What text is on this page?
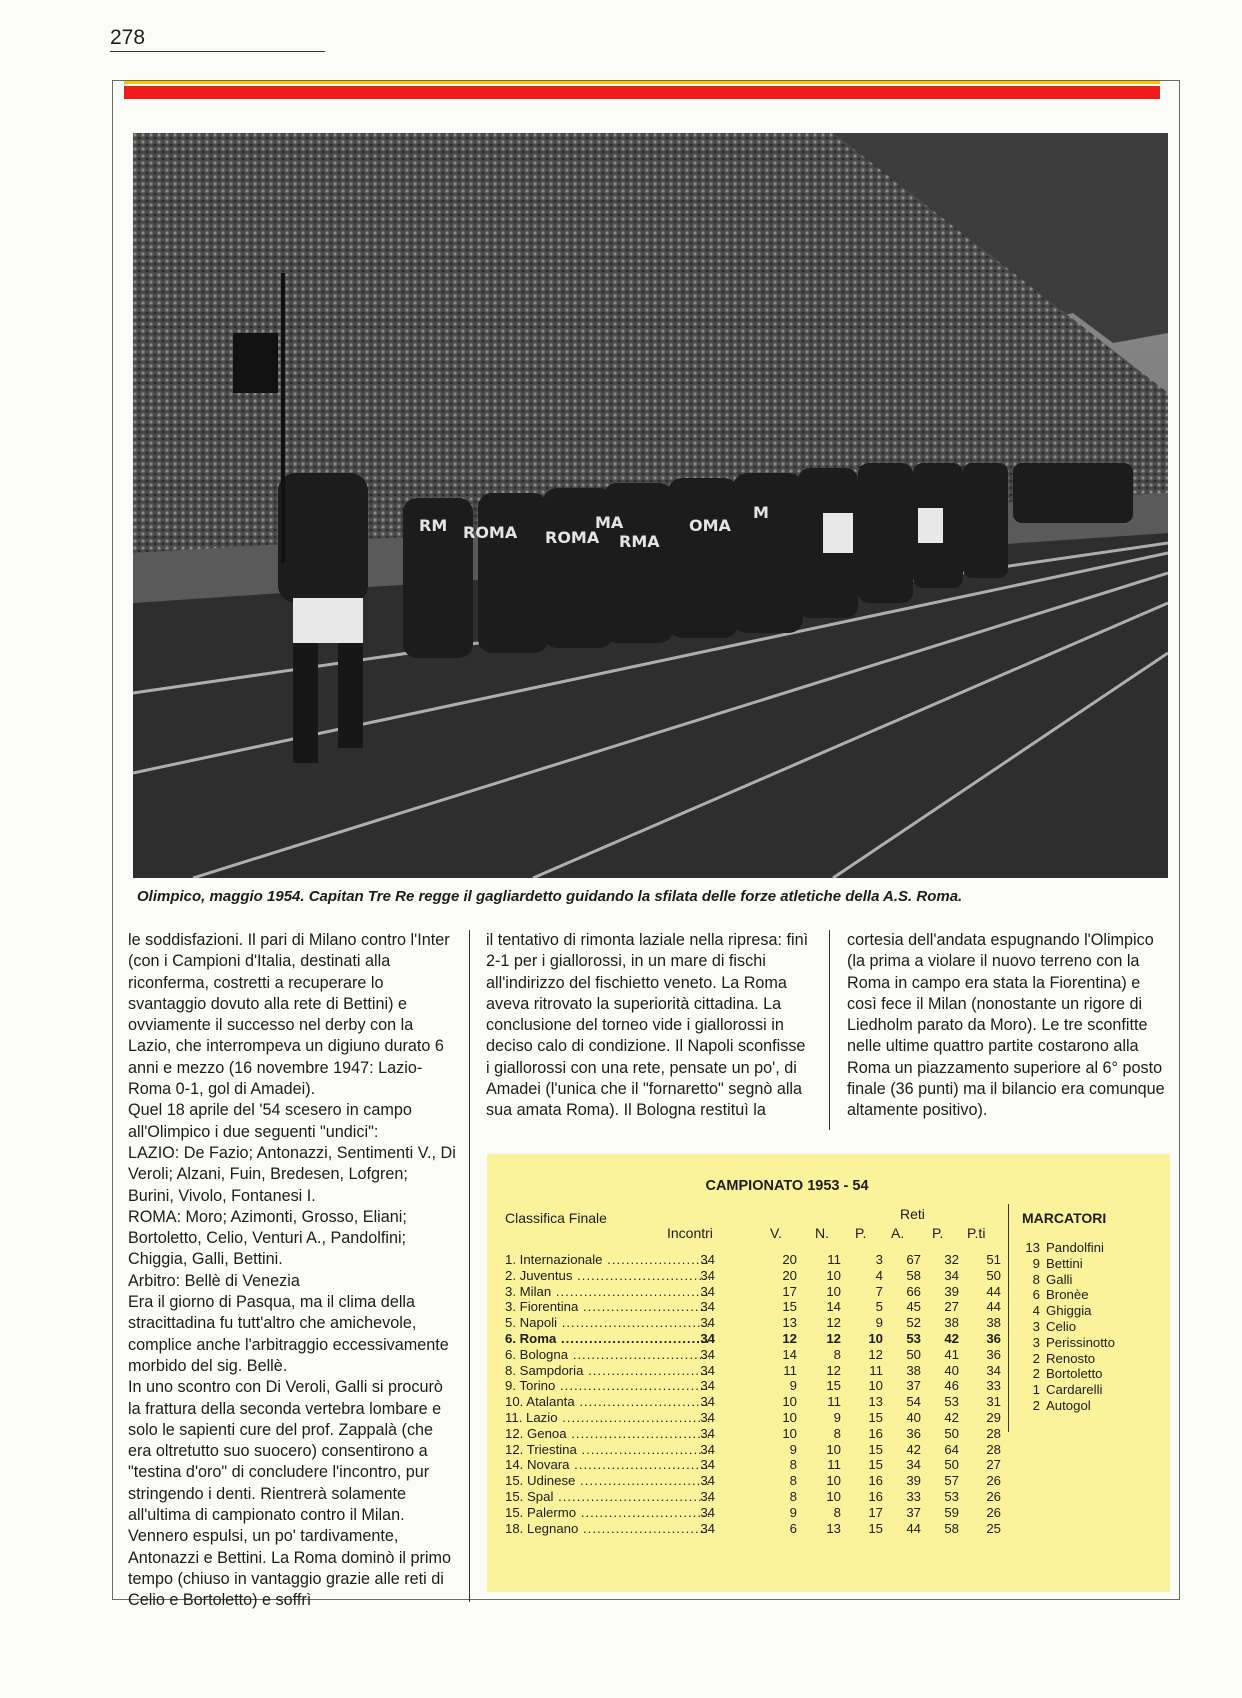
278
RM ROMA ROMA
MA
RMA
OMA
M
Olimpico, maggio 1954. Capitan Tre Re regge il gagliardetto guidando la sfilata delle forze atletiche della A.S. Roma.

le soddisfazioni. Il pari di Milano contro l'Inter (con i Campioni d'Italia, destinati alla riconferma, costretti a recuperare lo svantaggio dovuto alla rete di Bettini) e ovviamente il successo nel derby con la Lazio, che interrompeva un digiuno durato 6 anni e mezzo (16 novembre 1947: Lazio-Roma 0-1, gol di Amadei).

Quel 18 aprile del '54 scesero in campo all'Olimpico i due seguenti "undici":

LAZIO: De Fazio; Antonazzi, Sentimenti V., Di Veroli; Alzani, Fuin, Bredesen, Lofgren; Burini, Vivolo, Fontanesi I.

ROMA: Moro; Azimonti, Grosso, Eliani; Bortoletto, Celio, Venturi A., Pandolfini; Chiggia, Galli, Bettini.

Arbitro: Bellè di Venezia

Era il giorno di Pasqua, ma il clima della stracittadina fu tutt'altro che amichevole, complice anche l'arbitraggio eccessivamente morbido del sig. Bellè.

In uno scontro con Di Veroli, Galli si procurò la frattura della seconda vertebra lombare e solo le sapienti cure del prof. Zappalà (che era oltretutto suo suocero) consentirono a "testina d'oro" di concludere l'incontro, pur stringendo i denti. Rientrerà solamente all'ultima di campionato contro il Milan.

Vennero espulsi, un po' tardivamente, Antonazzi e Bettini. La Roma dominò il primo tempo (chiuso in vantaggio grazie alle reti di Celio e Bortoletto) e soffrì

il tentativo di rimonta laziale nella ripresa: finì 2-1 per i giallorossi, in un mare di fischi all'indirizzo del fischietto veneto. La Roma aveva ritrovato la superiorità cittadina. La conclusione del torneo vide i giallorossi in deciso calo di condizione. Il Napoli sconfisse i giallorossi con una rete, pensate un po', di Amadei (l'unica che il "fornaretto" segnò alla sua amata Roma). Il Bologna restituì la

cortesia dell'andata espugnando l'Olimpico (la prima a violare il nuovo terreno con la Roma in campo era stata la Fiorentina) e così fece il Milan (nonostante un rigore di Liedholm parato da Moro). Le tre sconfitte nelle ultime quattro partite costarono alla Roma un piazzamento superiore al 6° posto finale (36 punti) ma il bilancio era comunque altamente positivo).

CAMPIONATO 1953 - 54
Classifica Finale	Reti
Incontri	V. N. P. A. P. P.ti
1. Internazionale .....	34	20	11	3	67	32	51
2. Juventus .....	34	20	10	4	58	34	50
3. Milan .....	34	17	10	7	66	39	44
3. Fiorentina .....	34	15	14	5	45	27	44
5. Napoli .....	34	13	12	9	52	38	38
6. Roma .....	34	12	12	10	53	42	36
6. Bologna .....	34	14	8	12	50	41	36
8. Sampdoria .....	34	11	12	11	38	40	34
9. Torino .....	34	9	15	10	37	46	33
10. Atalanta .....	34	10	11	13	54	53	31
11. Lazio .....	34	10	9	15	40	42	29
12. Genoa .....	34	10	8	16	36	50	28
12. Triestina .....	34	9	10	15	42	64	28
14. Novara .....	34	8	11	15	34	50	27
15. Udinese .....	34	8	10	16	39	57	26
15. Spal .....	34	8	10	16	33	53	26
15. Palermo .....	34	9	8	17	37	59	26
18. Legnano .....	34	6	13	15	44	58	25
MARCATORI
13 Pandolfini
9 Bettini
8 Galli
6 Bronèe
4 Ghiggia
3 Celio
3 Perissinotto
2 Renosto
2 Bortoletto
1 Cardarelli
2 Autogol
